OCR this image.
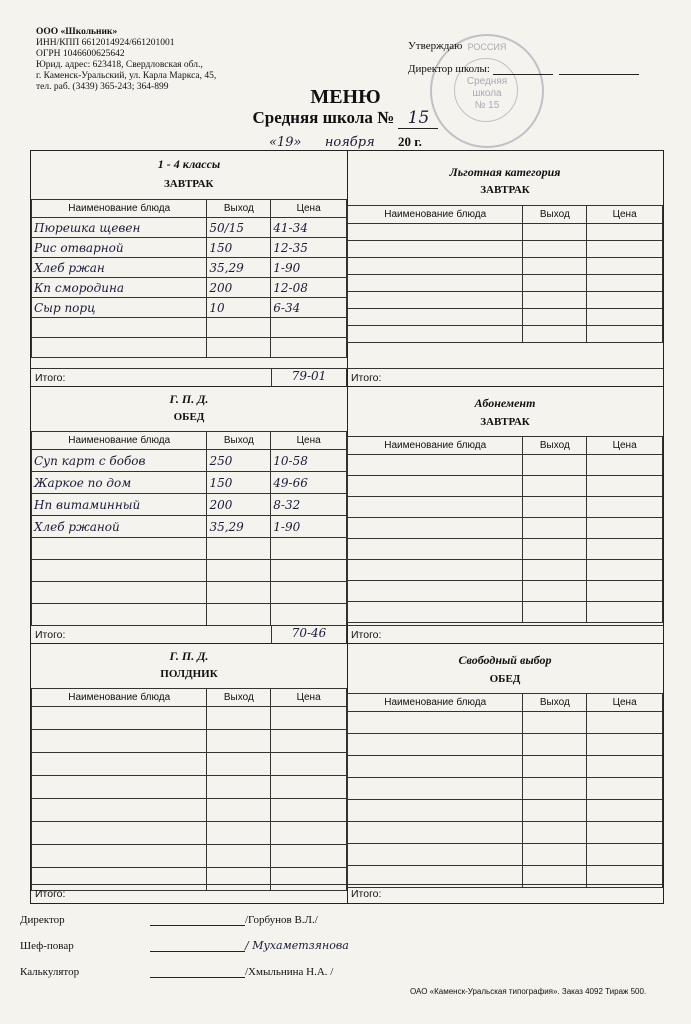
ООО «Школьник»
ИНН/КПП 6612014924/661201001
ОГРН 1046600625642
Юрид. адрес: 623418, Свердловская обл.,
г. Каменск-Уральский, ул. Карла Маркса, 45,
тел. раб. (3439) 365-243; 364-899
РОССИЯ
Средняя
школа
№ 15
Утверждаю
Директор школы:
МЕНЮ
Средняя школа № 15
«19» ноября 20 г.
1 - 4 классы
ЗАВТРАК
Наименование блюда	Выход	Цена
Пюрешка щевен	50/15	41-34
Рис отварной	150	12-35
Хлеб ржан	35,29	1-90
Кп смородина	200	12-08
Сыр порц	10	6-34

Итого:	79-01
Льготная категория
ЗАВТРАК
Наименование блюда	Выход	Цена

Итого:
Г. П. Д.
ОБЕД
Наименование блюда	Выход	Цена
Суп карт с бобов	250	10-58
Жаркое по дом	150	49-66
Нп витаминный	200	8-32
Хлеб ржаной	35,29	1-90

Итого:	70-46
Абонемент
ЗАВТРАК
Наименование блюда	Выход	Цена

Итого:
Г. П. Д.
ПОЛДНИК
Наименование блюда	Выход	Цена

Итого:
Свободный выбор
ОБЕД
Наименование блюда	Выход	Цена

Итого:
Директор	/Горбунов В.Л./
Шеф-повар	/ Мухаметзянова
Калькулятор	/Хмыльнина Н.А. /
ОАО «Каменск-Уральская типография». Заказ 4092 Тираж 500.
